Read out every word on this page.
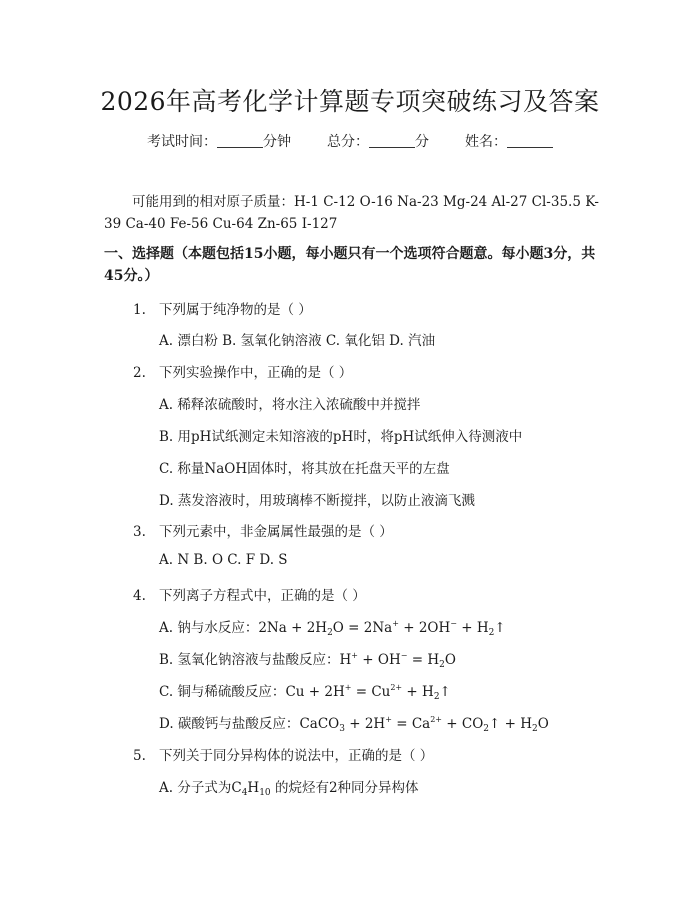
2026年高考化学计算题专项突破练习及答案
考试时间：	分钟	总分：	分	姓名：
可能用到的相对原子质量：H-1 C-12 O-16 Na-23 Mg-24 Al-27 Cl-35.5 K-39 Ca-40 Fe-56 Cu-64 Zn-65 I-127
一、选择题（本题包括15小题，每小题只有一个选项符合题意。每小题3分，共45分。）
1. 下列属于纯净物的是（ ）
A. 漂白粉 B. 氢氧化钠溶液 C. 氧化铝 D. 汽油
2. 下列实验操作中，正确的是（ ）
A. 稀释浓硫酸时，将水注入浓硫酸中并搅拌
B. 用pH试纸测定未知溶液的pH时，将pH试纸伸入待测液中
C. 称量NaOH固体时，将其放在托盘天平的左盘
D. 蒸发溶液时，用玻璃棒不断搅拌，以防止液滴飞溅
3. 下列元素中，非金属属性最强的是（ ）
A. N B. O C. F D. S
4. 下列离子方程式中，正确的是（ ）
A. 钠与水反应：$2Na + 2H_2O = 2Na^+ + 2OH^-$ + $H_2↑$
B. 氢氧化钠溶液与盐酸反应：$H^+ + OH^- = H_2O$
C. 铜与稀硫酸反应：$Cu + 2H^+ = Cu^{2+}$ + $H_2↑$
D. 碳酸钙与盐酸反应：CaCO$_3$ + $2H^+ = Ca^{2+}$ + $CO_2↑ + H_2O$
5. 下列关于同分异构体的说法中，正确的是（ ）
A. 分子式为$C_4H_{10}$ 的烷烃有2种同分异构体
